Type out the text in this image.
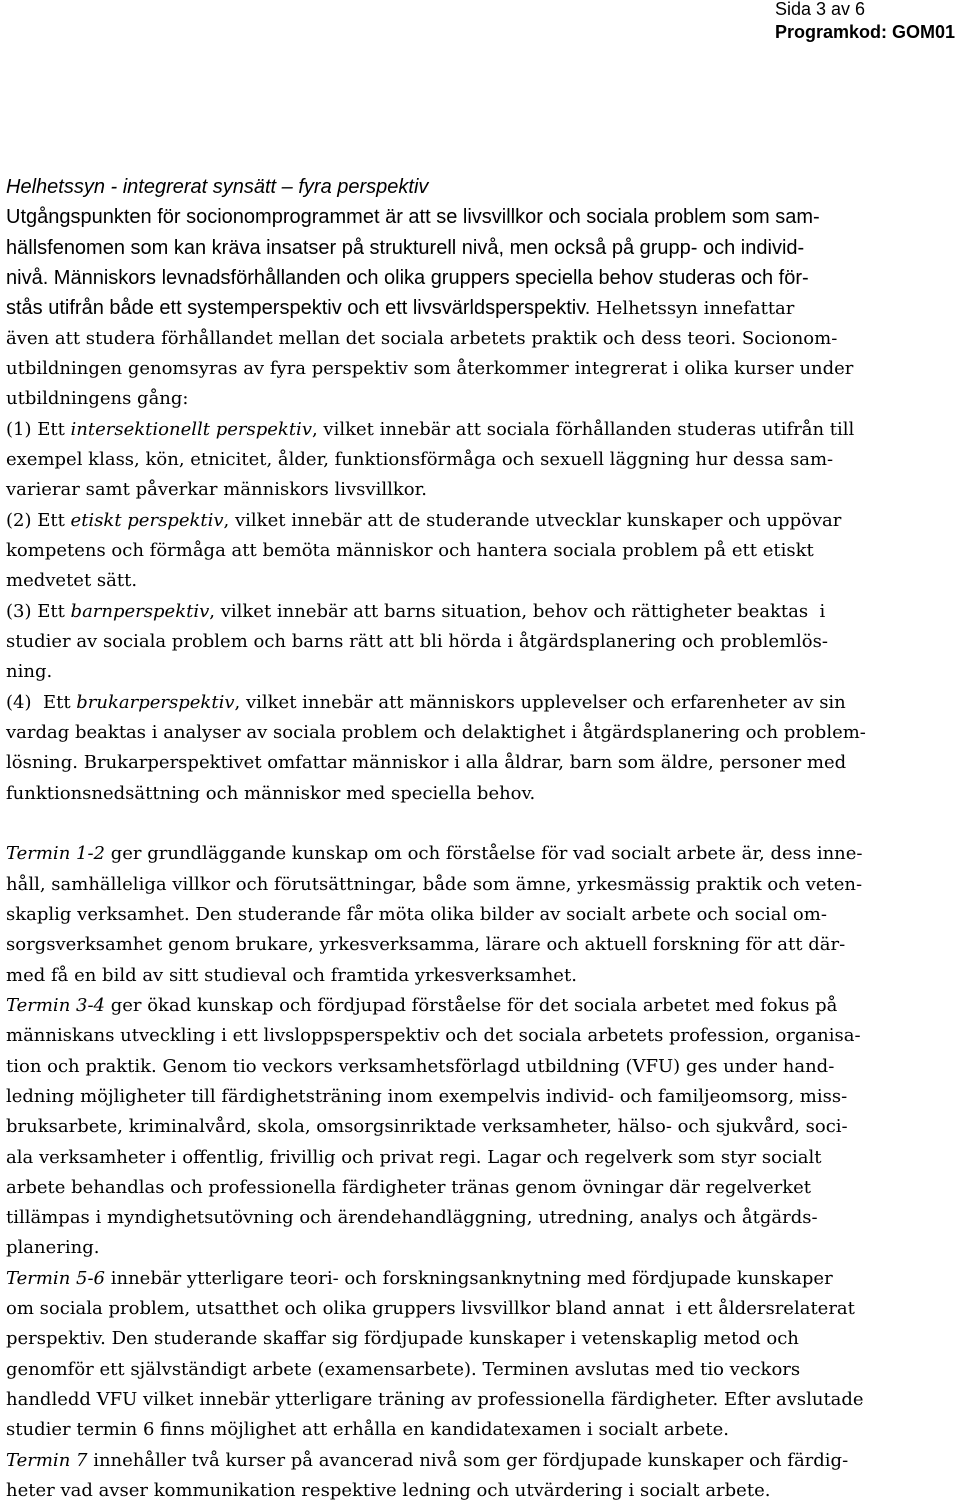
Sida 3 av 6
Programkod: GOM01
Helhetssyn - integrerat synsätt – fyra perspektiv
Utgångspunkten för socionomprogrammet är att se livsvillkor och sociala problem som sam-
hällsfenomen som kan kräva insatser på strukturell nivå, men också på grupp- och individ-
nivå. Människors levnadsförhållanden och olika gruppers speciella behov studeras och för-
stås utifrån både ett systemperspektiv och ett livsvärldsperspektiv. Helhetssyn innefattar
även att studera förhållandet mellan det sociala arbetets praktik och dess teori. Socionom-
utbildningen genomsyras av fyra perspektiv som återkommer integrerat i olika kurser under
utbildningens gång:
(1) Ett intersektionellt perspektiv, vilket innebär att sociala förhållanden studeras utifrån till
exempel klass, kön, etnicitet, ålder, funktionsförmåga och sexuell läggning hur dessa sam-
varierar samt påverkar människors livsvillkor.
(2) Ett etiskt perspektiv, vilket innebär att de studerande utvecklar kunskaper och uppövar
kompetens och förmåga att bemöta människor och hantera sociala problem på ett etiskt
medvetet sätt.
(3) Ett barnperspektiv, vilket innebär att barns situation, behov och rättigheter beaktas  i
studier av sociala problem och barns rätt att bli hörda i åtgärdsplanering och problemlös-
ning.
(4)  Ett brukarperspektiv, vilket innebär att människors upplevelser och erfarenheter av sin
vardag beaktas i analyser av sociala problem och delaktighet i åtgärdsplanering och problem-
lösning. Brukarperspektivet omfattar människor i alla åldrar, barn som äldre, personer med
funktionsnedsättning och människor med speciella behov.
Termin 1-2 ger grundläggande kunskap om och förståelse för vad socialt arbete är, dess inne-
håll, samhälleliga villkor och förutsättningar, både som ämne, yrkesmässig praktik och veten-
skaplig verksamhet. Den studerande får möta olika bilder av socialt arbete och social om-
sorgsverksamhet genom brukare, yrkesverksamma, lärare och aktuell forskning för att där-
med få en bild av sitt studieval och framtida yrkesverksamhet.
Termin 3-4 ger ökad kunskap och fördjupad förståelse för det sociala arbetet med fokus på
människans utveckling i ett livsloppsperspektiv och det sociala arbetets profession, organisa-
tion och praktik. Genom tio veckors verksamhetsförlagd utbildning (VFU) ges under hand-
ledning möjligheter till färdighetsträning inom exempelvis individ- och familjeomsorg, miss-
bruksarbete, kriminalvård, skola, omsorgsinriktade verksamheter, hälso- och sjukvård, soci-
ala verksamheter i offentlig, frivillig och privat regi. Lagar och regelverk som styr socialt
arbete behandlas och professionella färdigheter tränas genom övningar där regelverket
tillämpas i myndighetsutövning och ärendehandläggning, utredning, analys och åtgärds-
planering.
Termin 5-6 innebär ytterligare teori- och forskningsanknytning med fördjupade kunskaper
om sociala problem, utsatthet och olika gruppers livsvillkor bland annat  i ett åldersrelaterat
perspektiv. Den studerande skaffar sig fördjupade kunskaper i vetenskaplig metod och
genomför ett självständigt arbete (examensarbete). Terminen avslutas med tio veckors
handledd VFU vilket innebär ytterligare träning av professionella färdigheter. Efter avslutade
studier termin 6 finns möjlighet att erhålla en kandidatexamen i socialt arbete.
Termin 7 innehåller två kurser på avancerad nivå som ger fördjupade kunskaper och färdig-
heter vad avser kommunikation respektive ledning och utvärdering i socialt arbete.
